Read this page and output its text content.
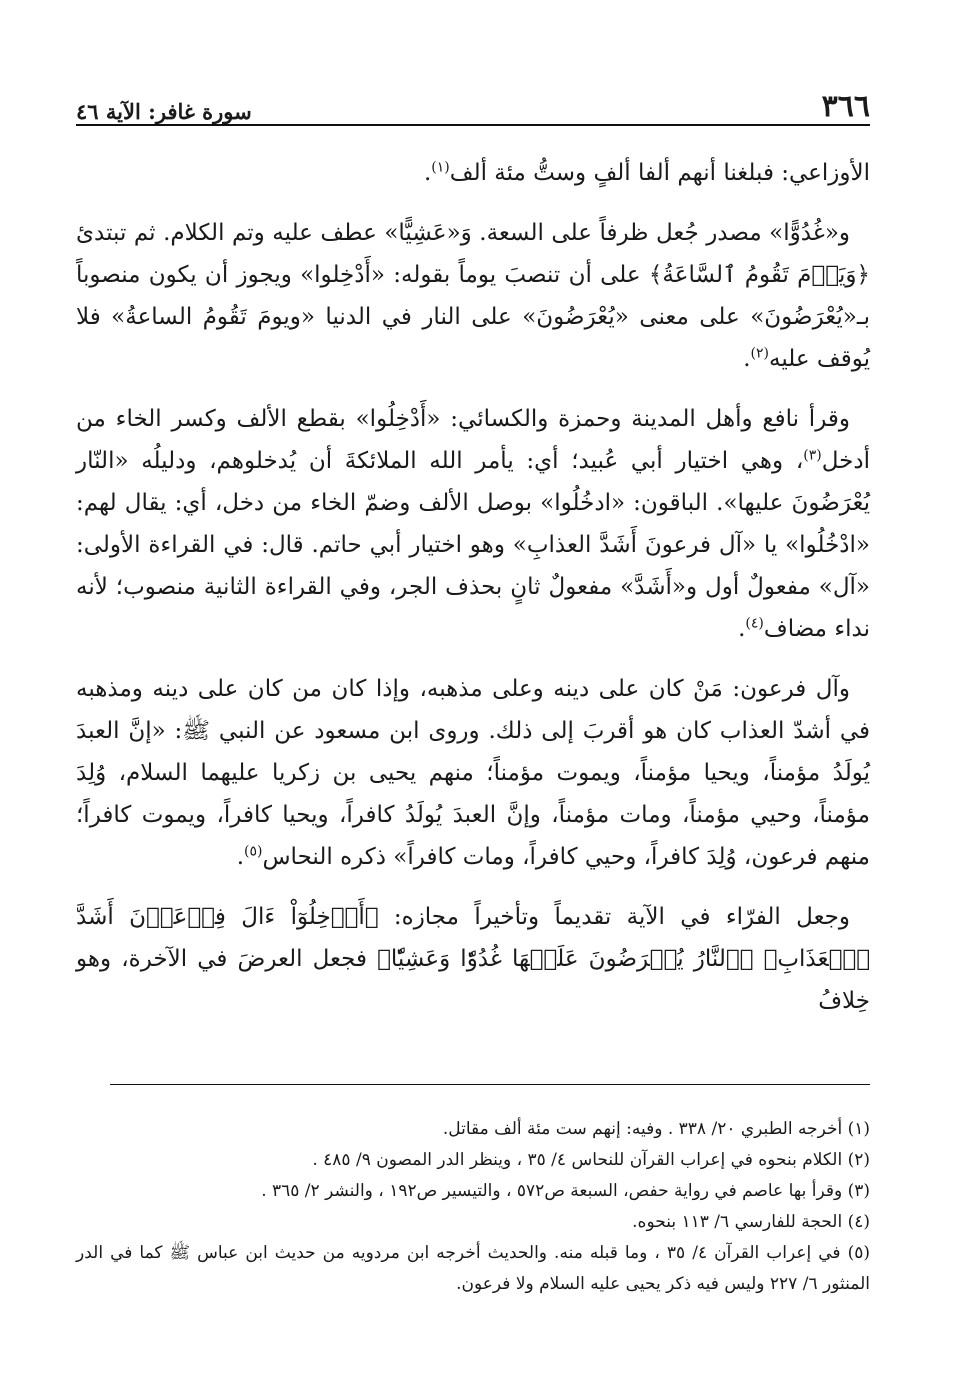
٣٦٦
سورة غافر: الآية ٤٦

الأوزاعي: فبلغنا أنهم ألفا ألفٍ وستُّ مئة ألف$^{(١)}$.

و«غُدُوًّا» مصدر جُعل ظرفاً على السعة. وَ«عَشِيًّا» عطف عليه وتم الكلام. ثم تبتدئ ﴿وَيَوۡمَ تَقُومُ ٱلسَّاعَةُ﴾ على أن تنصبَ يوماً بقوله: «أَدْخِلوا» ويجوز أن يكون منصوباً بـ«يُعْرَضُونَ» على معنى «يُعْرَضُونَ» على النار في الدنيا «ويومَ تَقُومُ الساعةُ» فلا يُوقف عليه$^{(٢)}$.

وقرأ نافع وأهل المدينة وحمزة والكسائي: «أَدْخِلُوا» بقطع الألف وكسر الخاء من أدخل$^{(٣)}$، وهي اختيار أبي عُبيد؛ أي: يأمر الله الملائكةَ أن يُدخلوهم، ودليلُه «النّار يُعْرَضُونَ عليها». الباقون: «ادخُلُوا» بوصل الألف وضمّ الخاء من دخل، أي: يقال لهم: «ادْخُلُوا» يا «آل فرعونَ أَشَدَّ العذابِ» وهو اختيار أبي حاتم. قال: في القراءة الأولى: «آل» مفعولٌ أول و«أَشَدَّ» مفعولٌ ثانٍ بحذف الجر، وفي القراءة الثانية منصوب؛ لأنه نداء مضاف$^{(٤)}$.

وآل فرعون: مَنْ كان على دينه وعلى مذهبه، وإذا كان من كان على دينه ومذهبه في أشدّ العذاب كان هو أقربَ إلى ذلك. وروى ابن مسعود عن النبي ﷺ: «إنَّ العبدَ يُولَدُ مؤمناً، ويحيا مؤمناً، ويموت مؤمناً؛ منهم يحيى بن زكريا عليهما السلام، وُلِدَ مؤمناً، وحيي مؤمناً، ومات مؤمناً، وإنَّ العبدَ يُولَدُ كافراً، ويحيا كافراً، ويموت كافراً؛ منهم فرعون، وُلِدَ كافراً، وحيي كافراً، ومات كافراً» ذكره النحاس$^{(٥)}$.

وجعل الفرّاء في الآية تقديماً وتأخيراً مجازه: ﴿أَدۡخِلُوٓاْ ءَالَ فِرۡعَوۡنَ أَشَدَّ ٱلۡعَذَابِ﴾ ﴿ٱلنَّارُ يُعۡرَضُونَ عَلَيۡهَا غُدُوّٗا وَعَشِيّٗا﴾ فجعل العرضَ في الآخرة، وهو خِلافُ

(١) أخرجه الطبري ٢٠/ ٣٣٨ . وفيه: إنهم ست مئة ألف مقاتل.

(٢) الكلام بنحوه في إعراب القرآن للنحاس ٤/ ٣٥ ، وينظر الدر المصون ٩/ ٤٨٥ .

(٣) وقرأ بها عاصم في رواية حفص، السبعة ص٥٧٢ ، والتيسير ص١٩٢ ، والنشر ٢/ ٣٦٥ .

(٤) الحجة للفارسي ٦/ ١١٣ بنحوه.

(٥) في إعراب القرآن ٤/ ٣٥ ، وما قبله منه. والحديث أخرجه ابن مردويه من حديث ابن عباس ﷺ كما في الدر المنثور ٦/ ٢٢٧ وليس فيه ذكر يحيى عليه السلام ولا فرعون.
